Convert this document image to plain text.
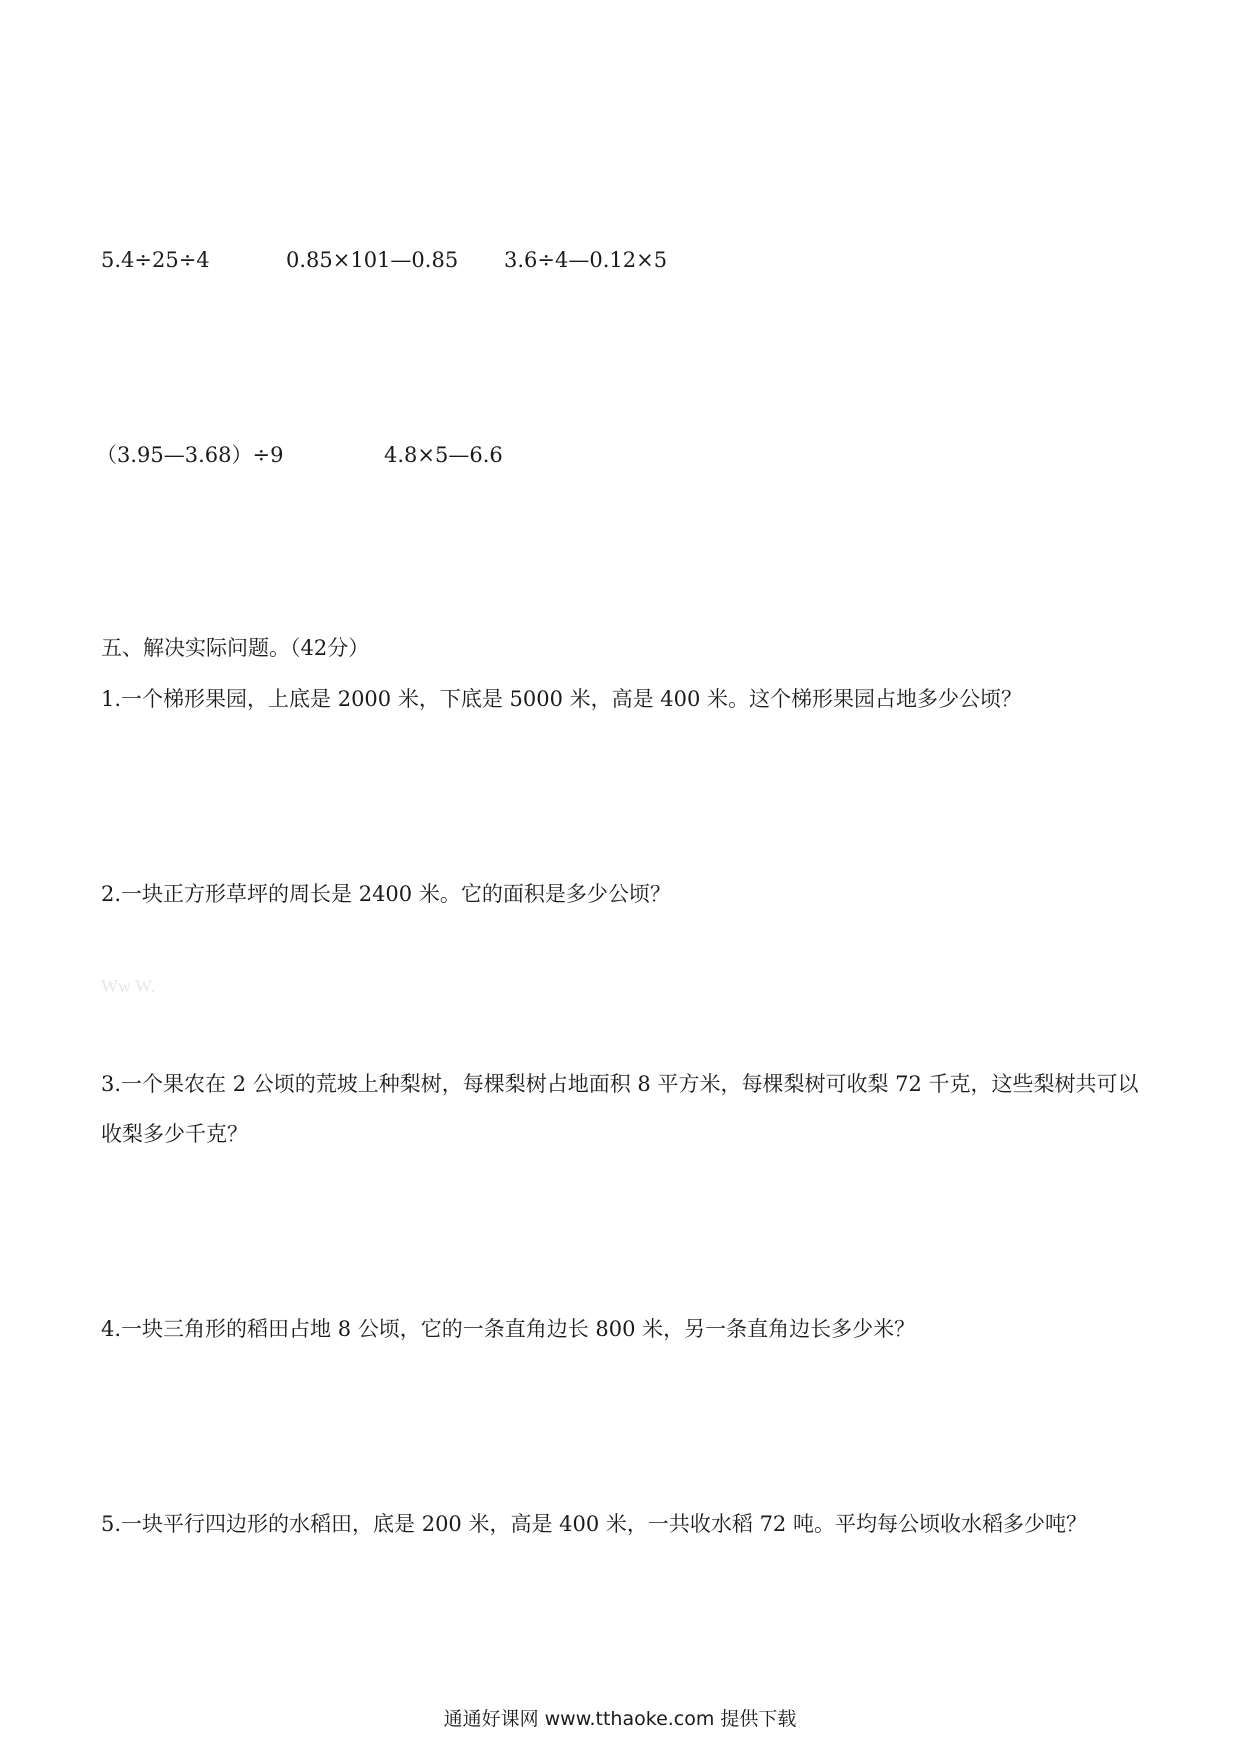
5.4÷25÷4	0.85×101—0.85 3.6÷4—0.12×5
（3.95—3.68）÷9	4.8×5—6.6
五、解决实际问题。（42分）
1.一个梯形果园，上底是 2000 米，下底是 5000 米，高是 400 米。这个梯形果园占地多少公顷？
2.一块正方形草坪的周长是 2400 米。它的面积是多少公顷？
Ww W.
3.一个果农在 2 公顷的荒坡上种梨树，每棵梨树占地面积 8 平方米，每棵梨树可收梨 72 千克，这些梨树共可以
收梨多少千克？
4.一块三角形的稻田占地 8 公顷，它的一条直角边长 800 米，另一条直角边长多少米？
5.一块平行四边形的水稻田，底是 200 米，高是 400 米，一共收水稻 72 吨。平均每公顷收水稻多少吨？
通通好课网 www.tthaoke.com 提供下载
